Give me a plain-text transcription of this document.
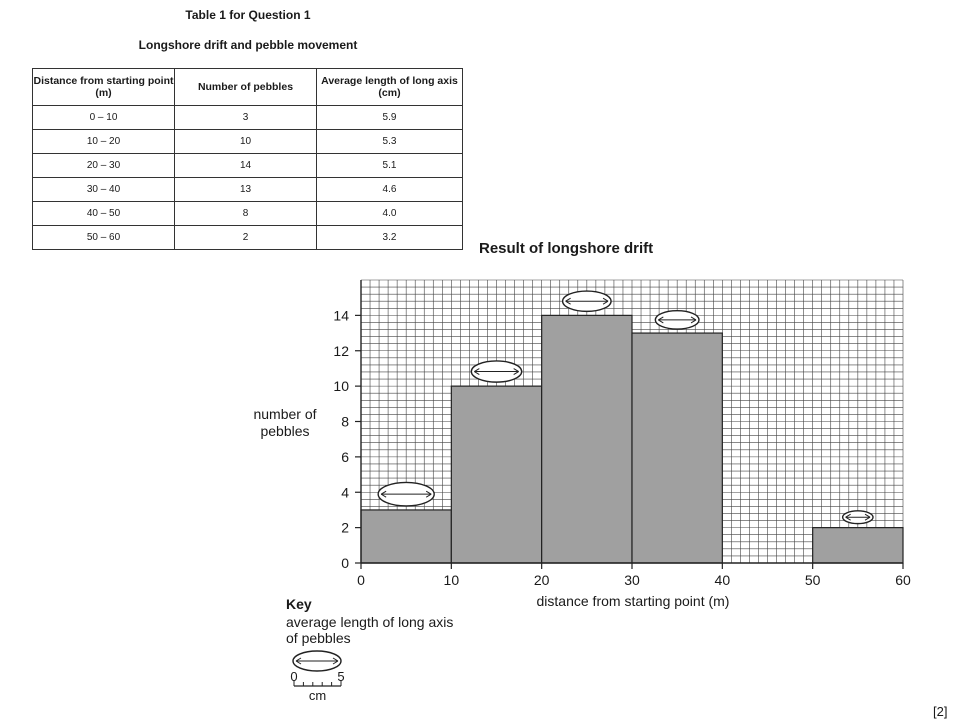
Table 1 for Question 1
Longshore drift and pebble movement
Distance from starting point (m)	Number of pebbles	Average length of long axis (cm)
0 – 10	3	5.9
10 – 20	10	5.3
20 – 30	14	5.1
30 – 40	13	4.6
40 – 50	8	4.0
50 – 60	2	3.2
Result of longshore drift
number of pebbles
0
2
4
6
8
10
12
14
0	10	20	30	40	50	60
distance from starting point (m)
0	5
cm
Key
average length of long axis of pebbles
[2]
